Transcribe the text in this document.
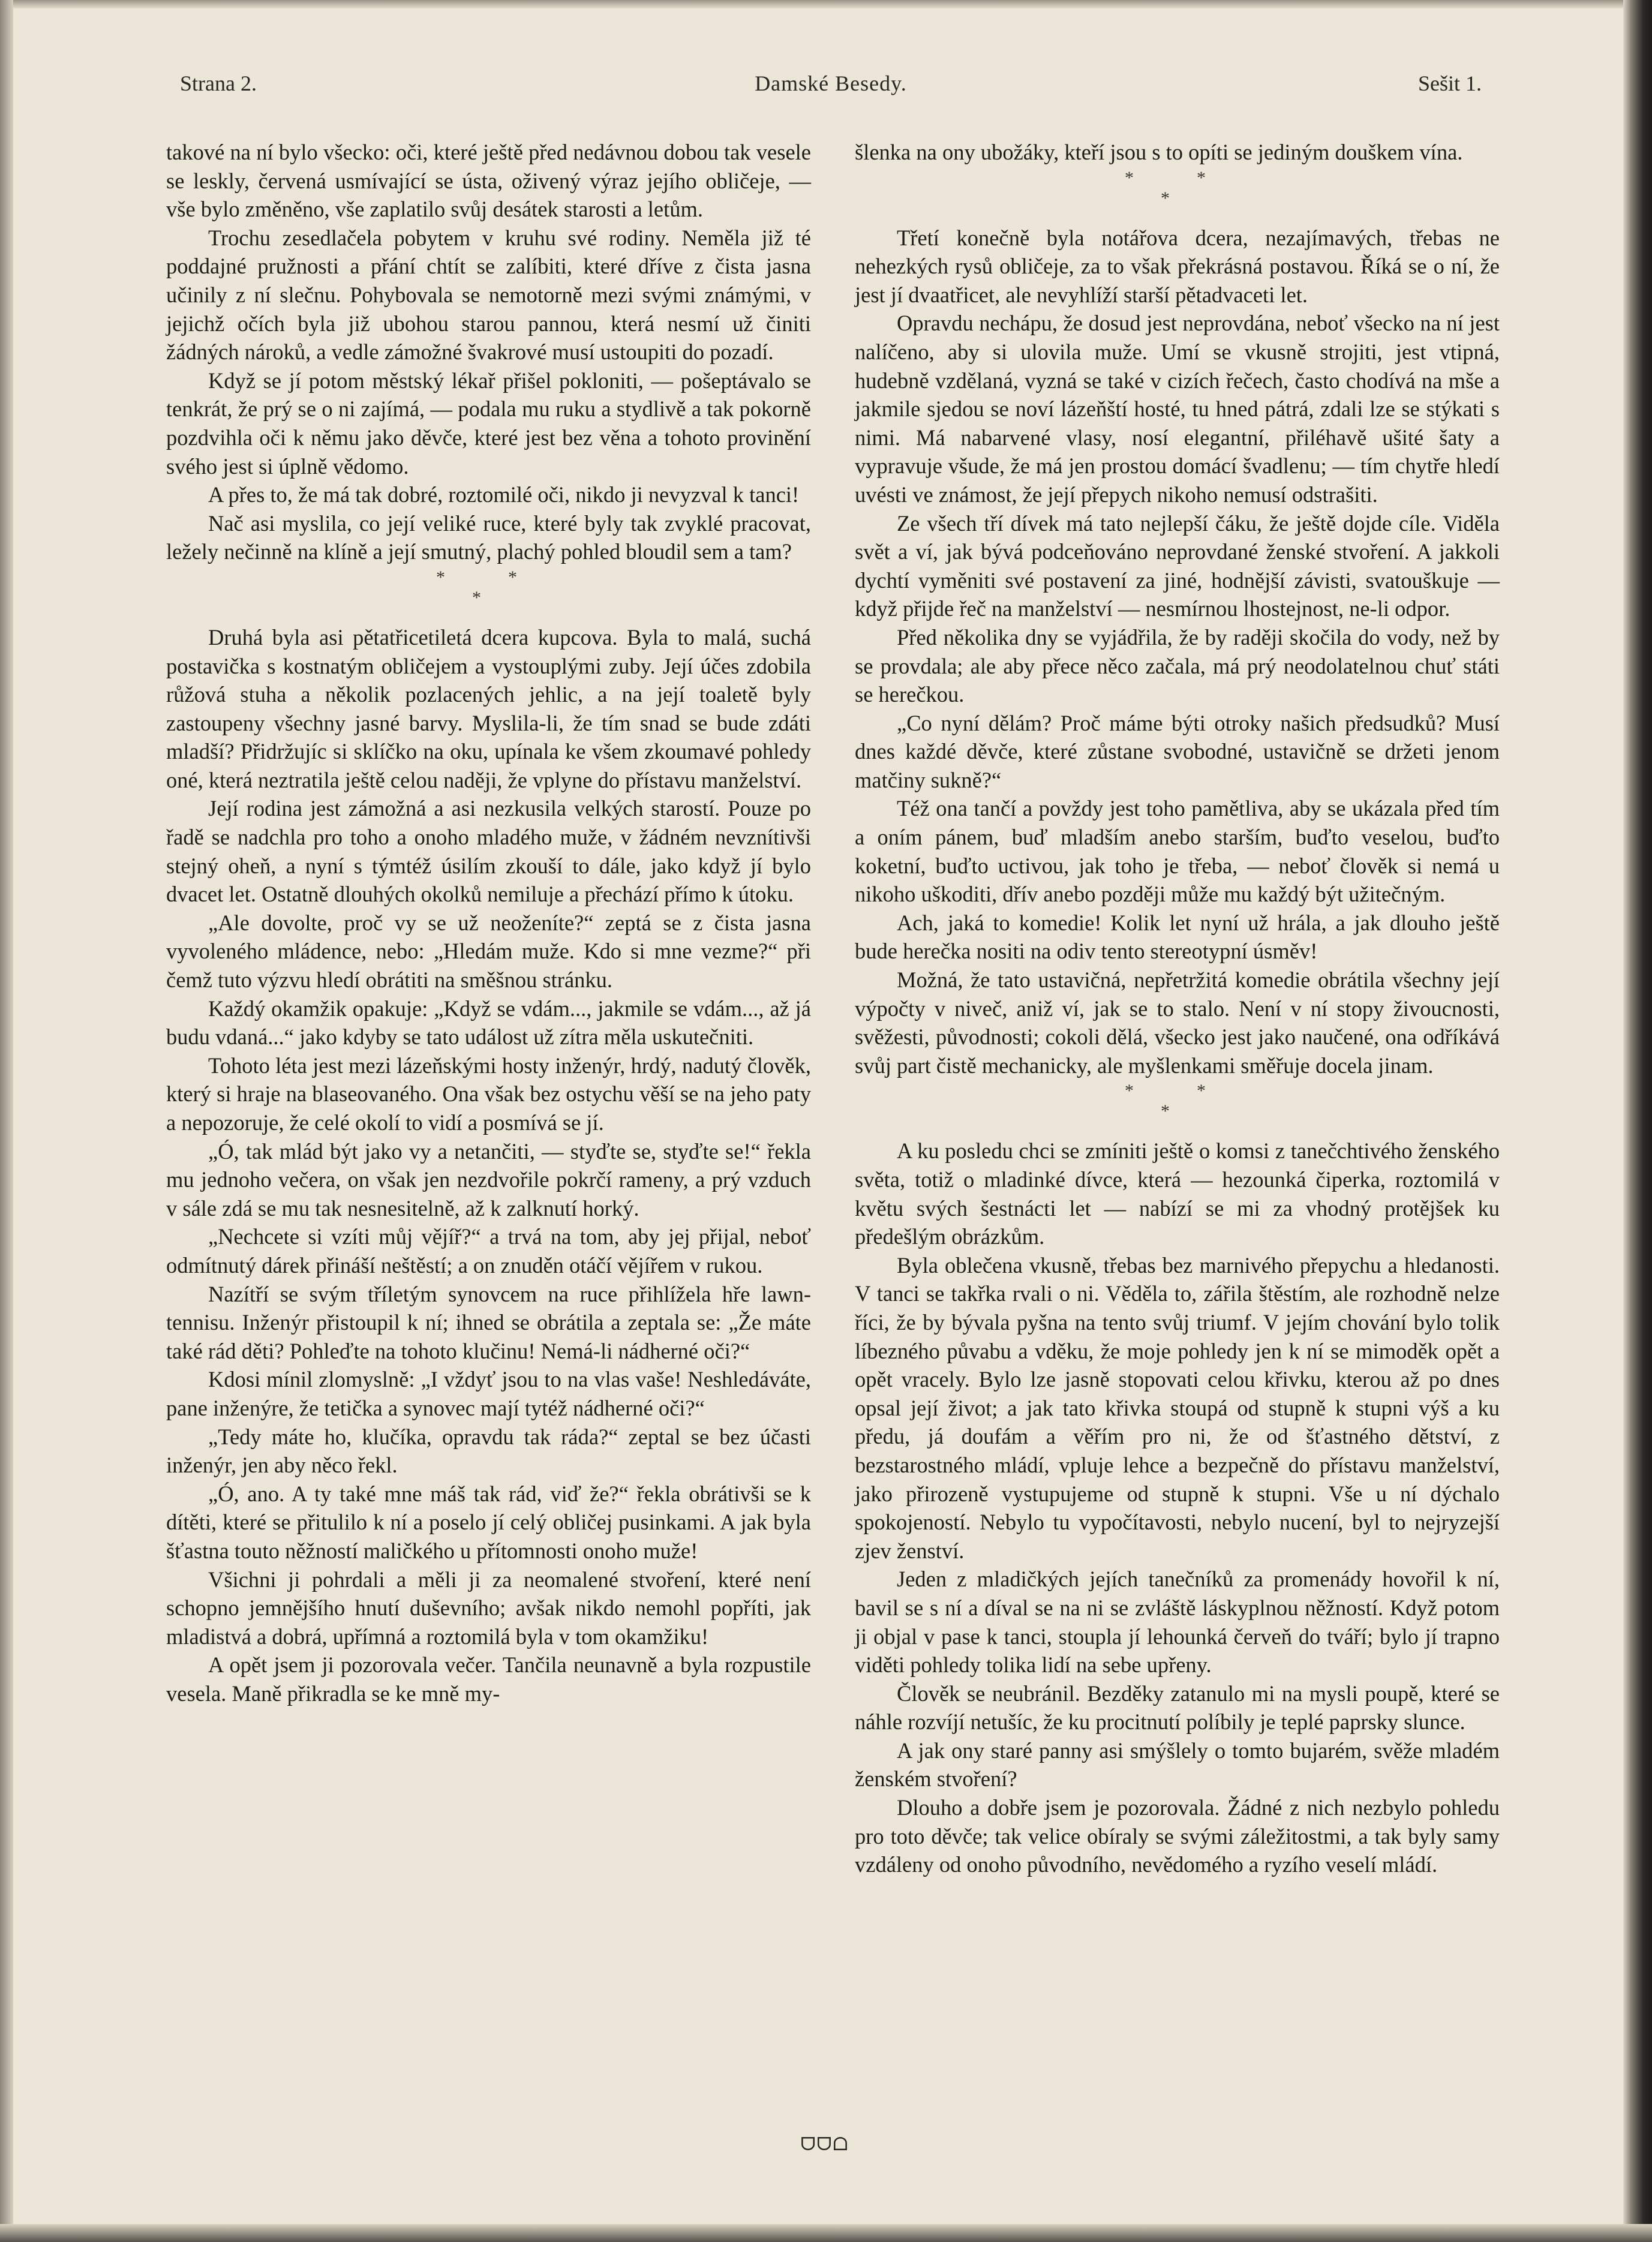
Strana 2.	Damské Besedy.	Sešit 1.

takové na ní bylo všecko: oči, které ještě před nedávnou dobou tak vesele se leskly, červená usmívající se ústa, oživený výraz jejího obličeje, — vše bylo změněno, vše zaplatilo svůj desátek starosti a letům.

Trochu zesedlačela pobytem v kruhu své rodiny. Neměla již té poddajné pružnosti a přání chtít se zalíbiti, které dříve z čista jasna učinily z ní slečnu. Pohybovala se nemotorně mezi svými známými, v jejichž očích byla již ubohou starou pannou, která nesmí už činiti žádných nároků, a vedle zámožné švakrové musí ustoupiti do pozadí.

Když se jí potom městský lékař přišel pokloniti, — pošeptávalo se tenkrát, že prý se o ni zajímá, — podala mu ruku a stydlivě a tak pokorně pozdvihla oči k němu jako děvče, které jest bez věna a tohoto provinění svého jest si úplně vědomo.

A přes to, že má tak dobré, roztomilé oči, nikdo ji nevyzval k tanci!

Nač asi myslila, co její veliké ruce, které byly tak zvyklé pracovat, ležely nečinně na klíně a její smutný, plachý pohled bloudil sem a tam?

*
*
*

Druhá byla asi pětatřicetiletá dcera kupcova. Byla to malá, suchá postavička s kostnatým obličejem a vystouplými zuby. Její účes zdobila růžová stuha a několik pozlacených jehlic, a na její toaletě byly zastoupeny všechny jasné barvy. Myslila-li, že tím snad se bude zdáti mladší? Přidržujíc si sklíčko na oku, upínala ke všem zkoumavé pohledy oné, která neztratila ještě celou naději, že vplyne do přístavu manželství.

Její rodina jest zámožná a asi nezkusila velkých starostí. Pouze po řadě se nadchla pro toho a onoho mladého muže, v žádném nevznítivši stejný oheň, a nyní s týmtéž úsilím zkouší to dále, jako když jí bylo dvacet let. Ostatně dlouhých okolků nemiluje a přechází přímo k útoku.

„Ale dovolte, proč vy se už neoženíte?“ zeptá se z čista jasna vyvoleného mládence, nebo: „Hledám muže. Kdo si mne vezme?“ při čemž tuto výzvu hledí obrátiti na směšnou stránku.

Každý okamžik opakuje: „Když se vdám..., jakmile se vdám..., až já budu vdaná...“ jako kdyby se tato událost už zítra měla uskutečniti.

Tohoto léta jest mezi lázeňskými hosty inženýr, hrdý, nadutý člověk, který si hraje na blaseovaného. Ona však bez ostychu věší se na jeho paty a nepozoruje, že celé okolí to vidí a posmívá se jí.

„Ó, tak mlád být jako vy a netančiti, — styďte se, styďte se!“ řekla mu jednoho večera, on však jen nezdvořile pokrčí rameny, a prý vzduch v sále zdá se mu tak nesnesitelně, až k zalknutí horký.

„Nechcete si vzíti můj vějíř?“ a trvá na tom, aby jej přijal, neboť odmítnutý dárek přináší neštěstí; a on znuděn otáčí vějířem v rukou.

Nazítří se svým tříletým synovcem na ruce přihlížela hře lawn-tennisu. Inženýr přistoupil k ní; ihned se obrátila a zeptala se: „Že máte také rád děti? Pohleďte na tohoto klučinu! Nemá-li nádherné oči?“

Kdosi mínil zlomyslně: „I vždyť jsou to na vlas vaše! Neshledáváte, pane inženýre, že tetička a synovec mají tytéž nádherné oči?“

„Tedy máte ho, klučíka, opravdu tak ráda?“ zeptal se bez účasti inženýr, jen aby něco řekl.

„Ó, ano. A ty také mne máš tak rád, viď že?“ řekla obrátivši se k dítěti, které se přitulilo k ní a poselo jí celý obličej pusinkami. A jak byla šťastna touto něžností maličkého u přítomnosti onoho muže!

Všichni ji pohrdali a měli ji za neomalené stvoření, které není schopno jemnějšího hnutí duševního; avšak nikdo nemohl popříti, jak mladistvá a dobrá, upřímná a roztomilá byla v tom okamžiku!

A opět jsem ji pozorovala večer. Tančila neunavně a byla rozpustile vesela. Maně přikradla se ke mně my-

šlenka na ony ubožáky, kteří jsou s to opíti se jediným douškem vína.

*
*
*

Třetí konečně byla notářova dcera, nezajímavých, třebas ne nehezkých rysů obličeje, za to však překrásná postavou. Říká se o ní, že jest jí dvaatřicet, ale nevyhlíží starší pětadvaceti let.

Opravdu nechápu, že dosud jest neprovdána, neboť všecko na ní jest nalíčeno, aby si ulovila muže. Umí se vkusně strojiti, jest vtipná, hudebně vzdělaná, vyzná se také v cizích řečech, často chodívá na mše a jakmile sjedou se noví lázeňští hosté, tu hned pátrá, zdali lze se stýkati s nimi. Má nabarvené vlasy, nosí elegantní, přiléhavě ušité šaty a vypravuje všude, že má jen prostou domácí švadlenu; — tím chytře hledí uvésti ve známost, že její přepych nikoho nemusí odstrašiti.

Ze všech tří dívek má tato nejlepší čáku, že ještě dojde cíle. Viděla svět a ví, jak bývá podceňováno neprovdané ženské stvoření. A jakkoli dychtí vyměniti své postavení za jiné, hodnější závisti, svatouškuje — když přijde řeč na manželství — nesmírnou lhostejnost, ne-li odpor.

Před několika dny se vyjádřila, že by raději skočila do vody, než by se provdala; ale aby přece něco začala, má prý neodolatelnou chuť státi se herečkou.

„Co nyní dělám? Proč máme býti otroky našich předsudků? Musí dnes každé děvče, které zůstane svobodné, ustavičně se držeti jenom matčiny sukně?“

Též ona tančí a povždy jest toho pamětliva, aby se ukázala před tím a oním pánem, buď mladším anebo starším, buďto veselou, buďto koketní, buďto uctivou, jak toho je třeba, — neboť člověk si nemá u nikoho uškoditi, dřív anebo později může mu každý být užitečným.

Ach, jaká to komedie! Kolik let nyní už hrála, a jak dlouho ještě bude herečka nositi na odiv tento stereotypní úsměv!

Možná, že tato ustavičná, nepřetržitá komedie obrátila všechny její výpočty v niveč, aniž ví, jak se to stalo. Není v ní stopy živoucnosti, svěžesti, původnosti; cokoli dělá, všecko jest jako naučené, ona odříkává svůj part čistě mechanicky, ale myšlenkami směřuje docela jinam.

*
*
*

A ku posledu chci se zmíniti ještě o komsi z tanečchtivého ženského světa, totiž o mladinké dívce, která — hezounká čiperka, roztomilá v květu svých šestnácti let — nabízí se mi za vhodný protějšek ku předešlým obrázkům.

Byla oblečena vkusně, třebas bez marnivého přepychu a hledanosti. V tanci se takřka rvali o ni. Věděla to, zářila štěstím, ale rozhodně nelze říci, že by bývala pyšna na tento svůj triumf. V jejím chování bylo tolik líbezného půvabu a vděku, že moje pohledy jen k ní se mimoděk opět a opět vracely. Bylo lze jasně stopovati celou křivku, kterou až po dnes opsal její život; a jak tato křivka stoupá od stupně k stupni výš a ku předu, já doufám a věřím pro ni, že od šťastného dětství, z bezstarostného mládí, vpluje lehce a bezpečně do přístavu manželství, jako přirozeně vystupujeme od stupně k stupni. Vše u ní dýchalo spokojeností. Nebylo tu vypočítavosti, nebylo nucení, byl to nejryzejší zjev ženství.

Jeden z mladičkých jejích tanečníků za promenády hovořil k ní, bavil se s ní a díval se na ni se zvláště láskyplnou něžností. Když potom ji objal v pase k tanci, stoupla jí lehounká červeň do tváří; bylo jí trapno viděti pohledy tolika lidí na sebe upřeny.

Člověk se neubránil. Bezděky zatanulo mi na mysli poupě, které se náhle rozvíjí netušíc, že ku procitnutí políbily je teplé paprsky slunce.

A jak ony staré panny asi smýšlely o tomto bujarém, svěže mladém ženském stvoření?

Dlouho a dobře jsem je pozorovala. Žádné z nich nezbylo pohledu pro toto děvče; tak velice obíraly se svými záležitostmi, a tak byly samy vzdáleny od onoho původního, nevědomého a ryzího veselí mládí.

ᗜᗜᗝ
